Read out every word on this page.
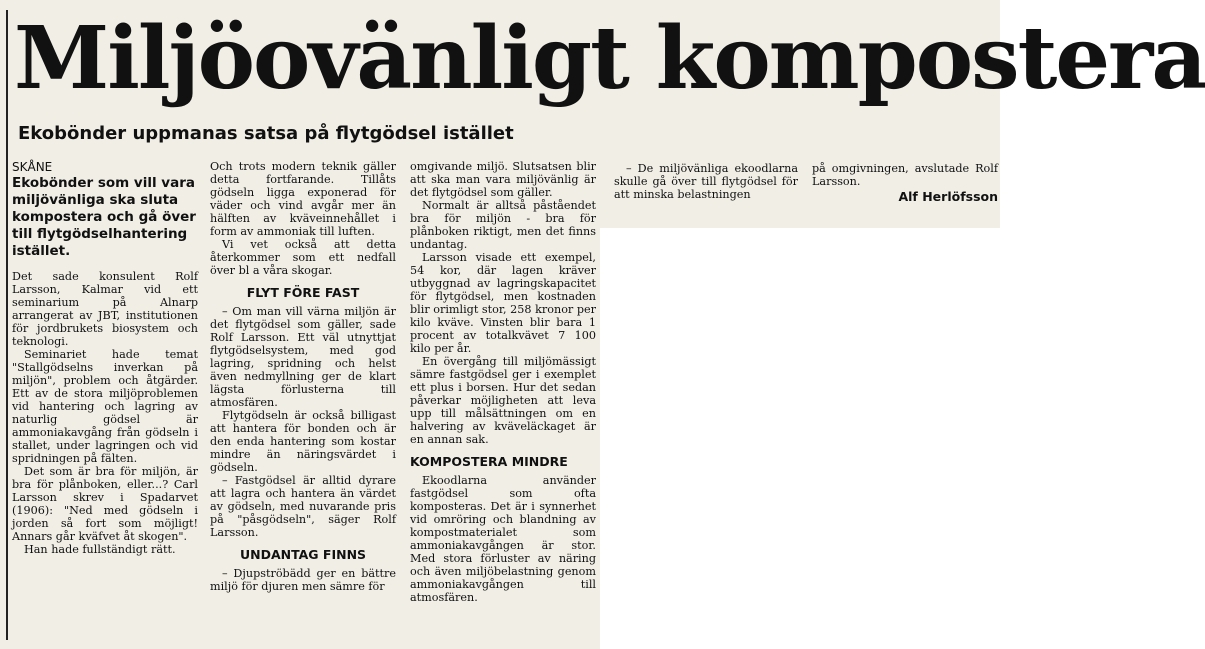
Miljöovänligt kompostera
Ekobönder uppmanas satsa på flytgödsel istället

SKÅNE

Ekobönder som vill vara miljövänliga ska sluta kompostera och gå över till flytgödselhantering istället.

Det sade konsulent Rolf Larsson, Kalmar vid ett seminarium på Alnarp arrangerat av JBT, institutionen för jordbrukets biosystem och teknologi.

Seminariet hade temat "Stallgödselns inverkan på miljön", problem och åtgärder. Ett av de stora miljöproblemen vid hantering och lagring av naturlig gödsel är ammoniakavgång från gödseln i stallet, under lagringen och vid spridningen på fälten.

Det som är bra för miljön, är bra för plånboken, eller...? Carl Larsson skrev i Spadarvet (1906): "Ned med gödseln i jorden så fort som möjligt! Annars går kväfvet åt skogen".

Han hade fullständigt rätt.

Och trots modern teknik gäller detta fortfarande. Tillåts gödseln ligga exponerad för väder och vind avgår mer än hälften av kväveinnehållet i form av ammoniak till luften.

Vi vet också att detta återkommer som ett nedfall över bl a våra skogar.

FLYT FÖRE FAST

– Om man vill värna miljön är det flytgödsel som gäller, sade Rolf Larsson. Ett väl utnyttjat flytgödselsystem, med god lagring, spridning och helst även nedmyllning ger de klart lägsta förlusterna till atmosfären.

Flytgödseln är också billigast att hantera för bonden och är den enda hantering som kostar mindre än näringsvärdet i gödseln.

– Fastgödsel är alltid dyrare att lagra och hantera än värdet av gödseln, med nuvarande pris på "påsgödseln", säger Rolf Larsson.

UNDANTAG FINNS

– Djupströbädd ger en bättre miljö för djuren men sämre för

omgivande miljö. Slutsatsen blir att ska man vara miljövänlig är det flytgödsel som gäller.

Normalt är alltså påståendet bra för miljön - bra för plånboken riktigt, men det finns undantag.

Larsson visade ett exempel, 54 kor, där lagen kräver utbyggnad av lagringskapacitet för flytgödsel, men kostnaden blir orimligt stor, 258 kronor per kilo kväve. Vinsten blir bara 1 procent av totalkvävet 7 100 kilo per år.

En övergång till miljömässigt sämre fastgödsel ger i exemplet ett plus i borsen. Hur det sedan påverkar möjligheten att leva upp till målsättningen om en halvering av kväveläckaget är en annan sak.

KOMPOSTERA MINDRE

Ekoodlarna använder fastgödsel som ofta komposteras. Det är i synnerhet vid omröring och blandning av kompostmaterialet som ammoniakavgången är stor. Med stora förluster av näring och även miljöbelastning genom ammoniakavgången till atmosfären.

– De miljövänliga ekoodlarna skulle gå över till flytgödsel för att minska belastningen

på omgivningen, avslutade Rolf Larsson.

Alf Herlöfsson
